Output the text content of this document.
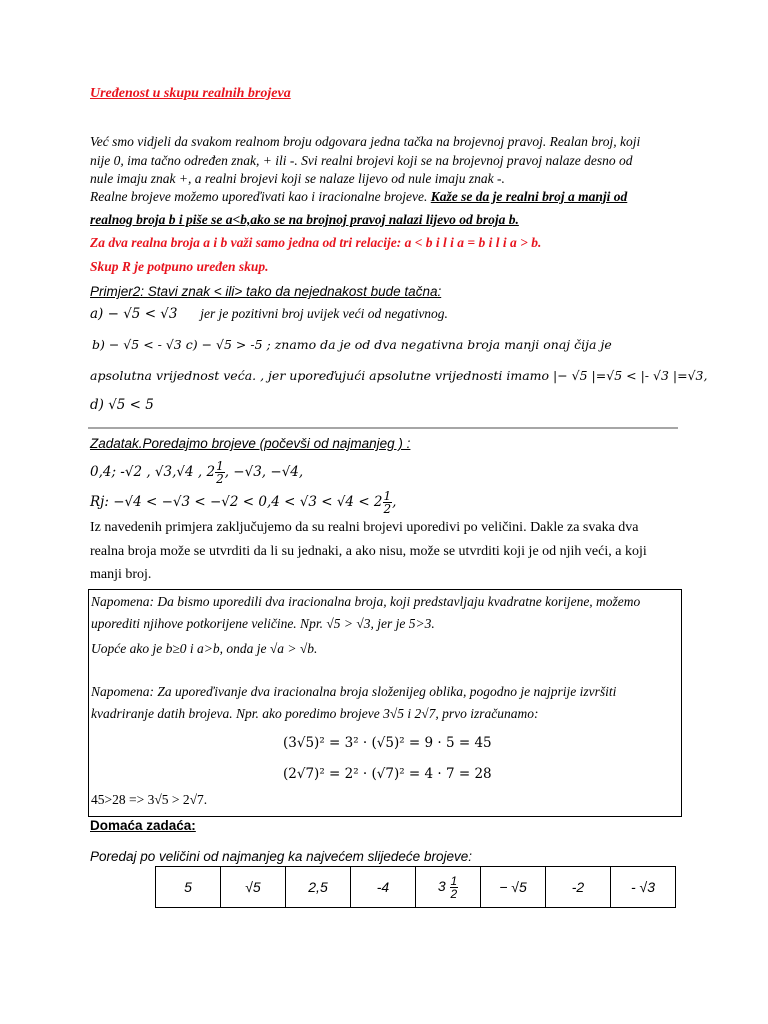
Uređenost u skupu realnih brojeva
Već smo vidjeli da svakom realnom broju odgovara jedna tačka na brojevnoj pravoj. Realan broj, koji
nije 0, ima tačno određen znak, + ili -. Svi realni brojevi koji se na brojevnoj pravoj nalaze desno od
nule imaju znak +, a realni brojevi koji se nalaze lijevo od nule imaju znak -.
Realne brojeve možemo uporeďivati kao i iracionalne brojeve. Kaže se da je realni broj a manji od
realnog broja b i piše se a<b,ako se na brojnoj pravoj nalazi lijevo od broja b.
Za dva realna broja a i b važi samo jedna od tri relacije: a < b i l i a = b i l i a > b.
Skup R je potpuno uređen skup.
Primjer2: Stavi znak < ili> tako da nejednakost bude tačna:
a) − √5 < √3 jer je pozitivni broj uvijek veći od negativnog.
b) − √5 < - √3 c) − √5 > -5 ; znamo da je od dva negativna broja manji onaj čija je
apsolutna vrijednost veća. , jer uporeďujući apsolutne vrijednosti imamo |− √5 |=√5 < |- √3 |=√3,
d) √5 < 5
Zadatak.Poredajmo brojeve (počevši od najmanjeg ) :
0,4; -√2 , √3,√4 , $2 \frac{1}{2}$ , −√3, −√4,
Rj: $-√4 < -√3 < -√2 < 0,4 < √3 < √4 < 2 \frac{1}{2}$ ,
Iz navedenih primjera zaključujemo da su realni brojevi uporedivi po veličini. Dakle za svaka dva
realna broja može se utvrditi da li su jednaki, a ako nisu, može se utvrditi koji je od njih veći, a koji
manji broj.
Napomena: Da bismo uporedili dva iracionalna broja, koji predstavljaju kvadratne korijene, možemo
uporediti njihove potkorijene veličine. Npr. √5 > √3, jer je 5>3.
Uopće ako je b≥0 i a>b, onda je √a > √b.
Napomena: Za uporeďivanje dva iracionalna broja složenijeg oblika, pogodno je najprije izvršiti
kvadriranje datih brojeva. Npr. ako poredimo brojeve 3√5 i 2√7, prvo izračunamo:
(3√5)² = 3² · (√5)² = 9 · 5 = 45
(2√7)² = 2² · (√7)² = 4 · 7 = 28
45>28 => 3√5 > 2√7.
Domaća zadaća:
Poredaj po veličini od najmanjeg ka najvećem slijedeće brojeve:
5	√5	2,5	-4	$3 \frac{1}{2}$	− √5	-2	- √3
